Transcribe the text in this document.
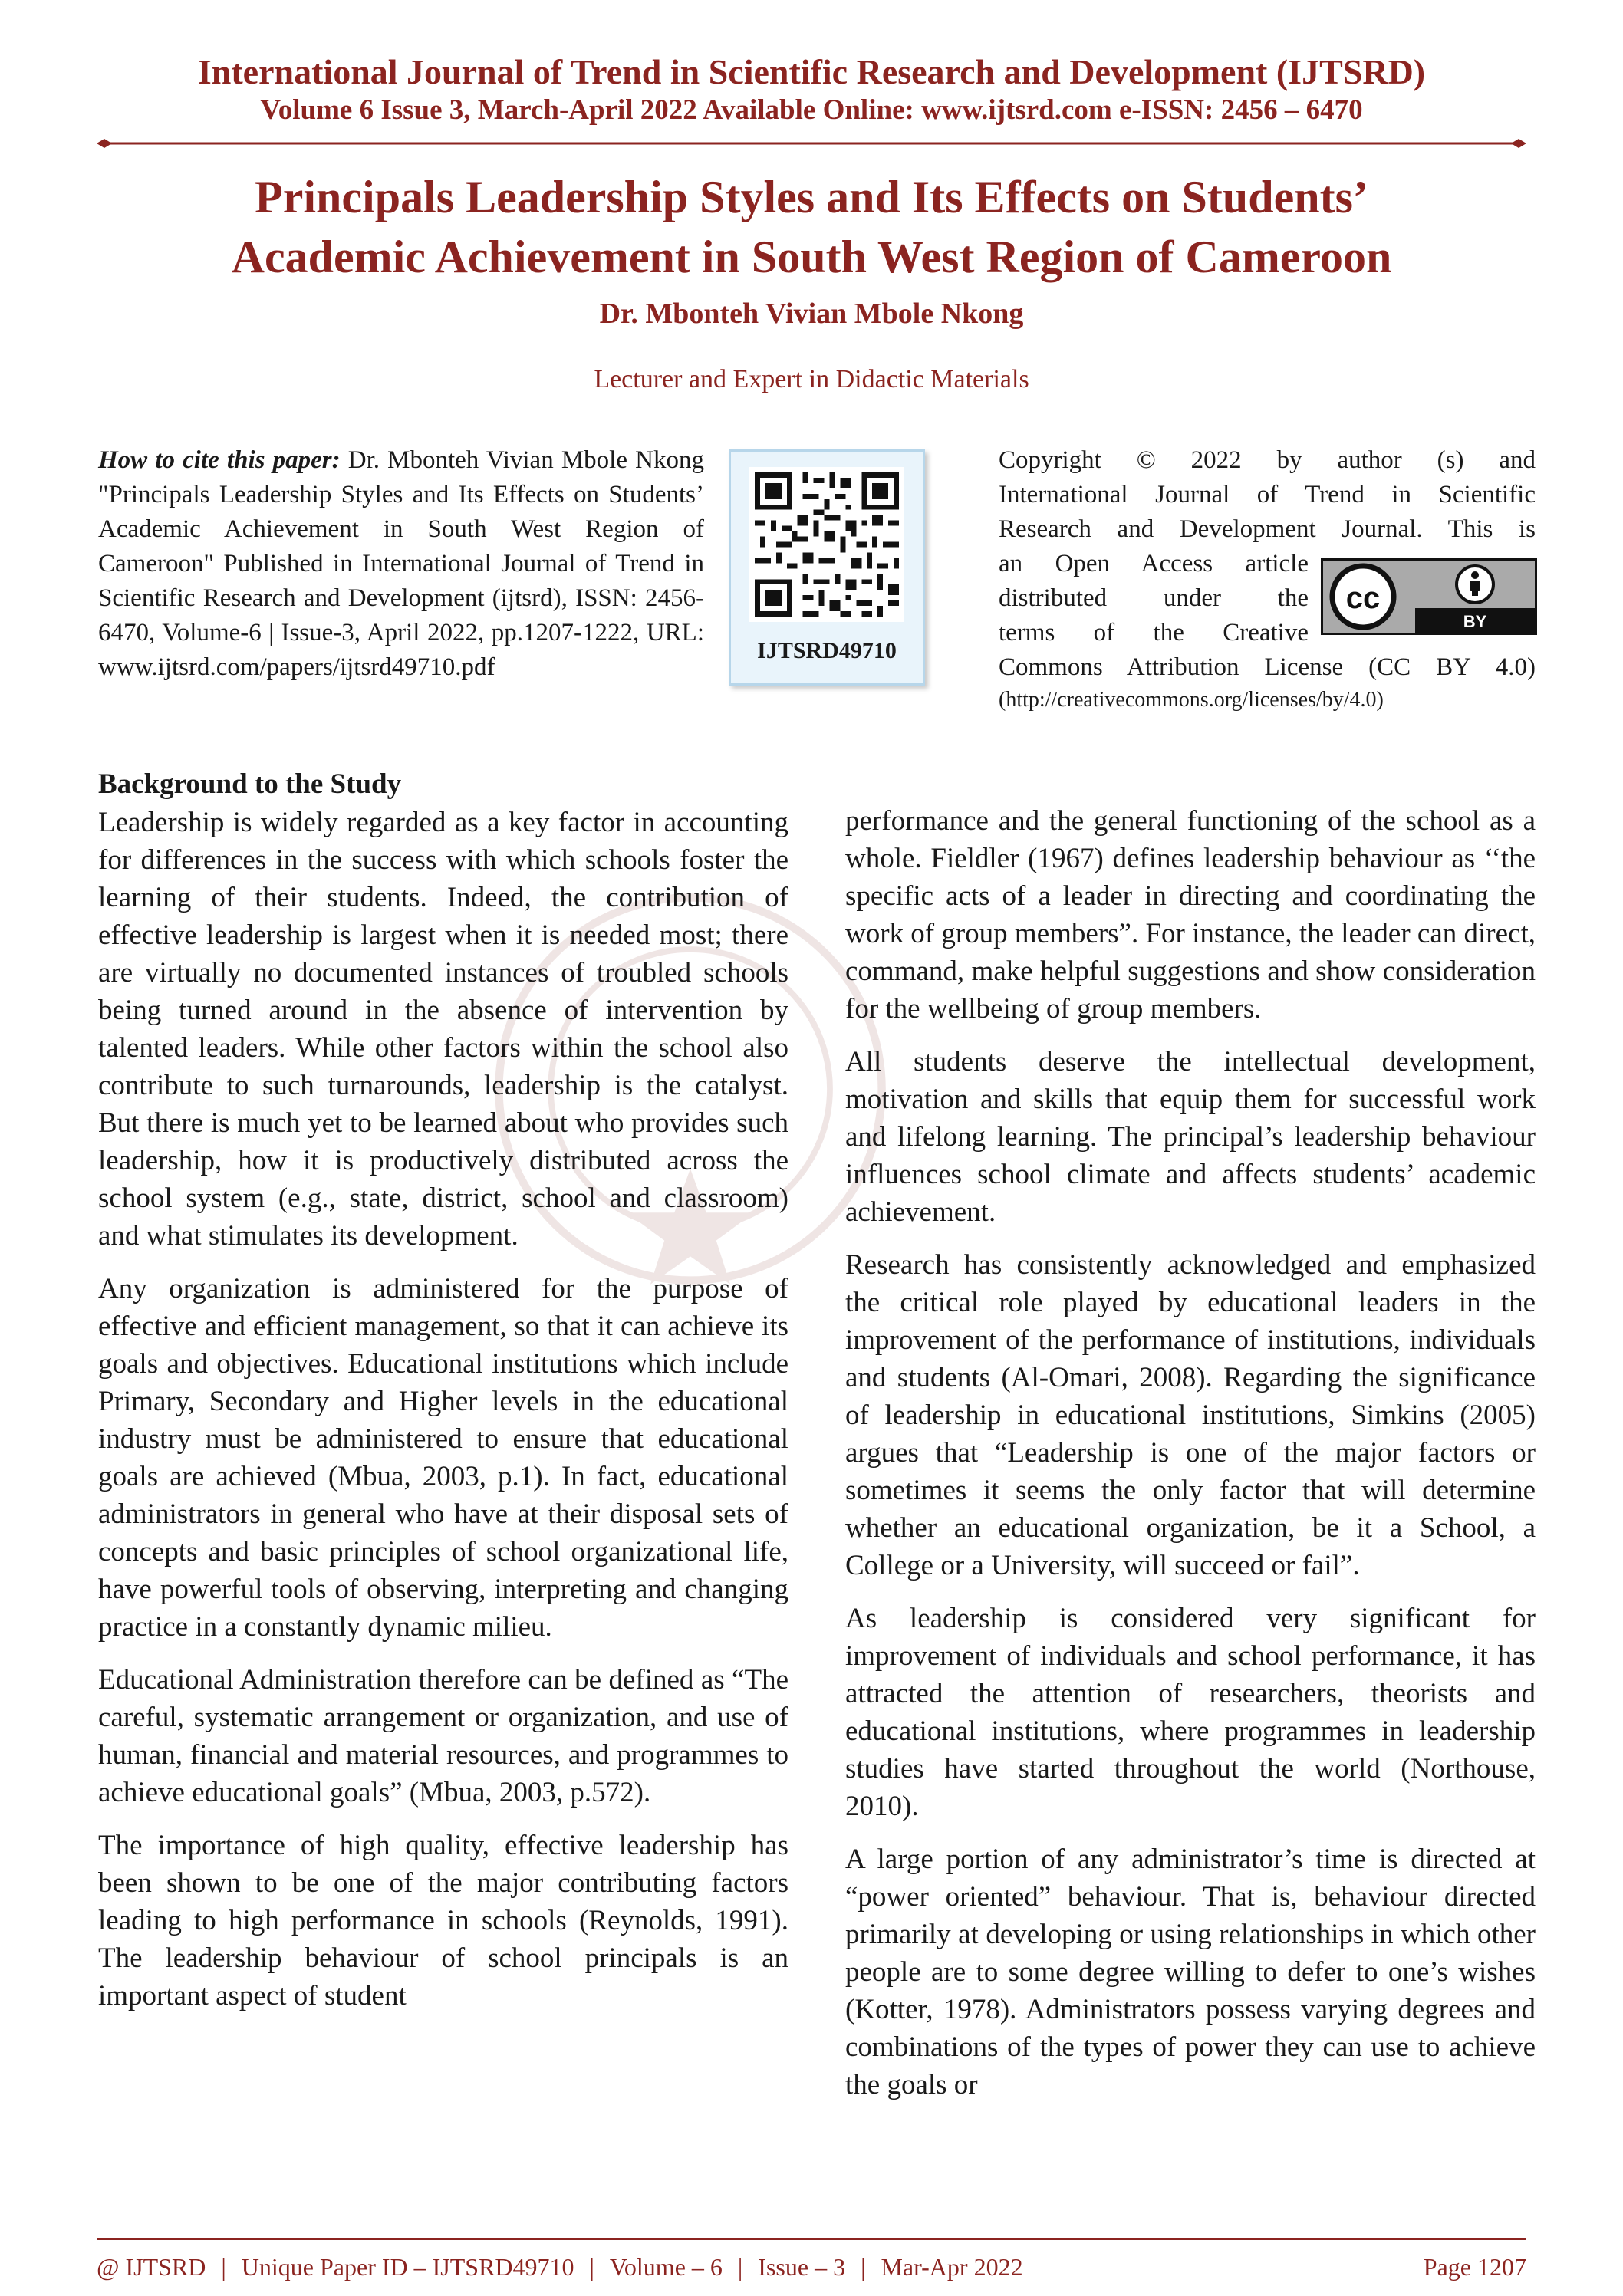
International Journal of Trend in Scientific Research and Development (IJTSRD)
Volume 6 Issue 3, March-April 2022 Available Online: www.ijtsrd.com e-ISSN: 2456 – 6470
Principals Leadership Styles and Its Effects on Students’
Academic Achievement in South West Region of Cameroon
Dr. Mbonteh Vivian Mbole Nkong
Lecturer and Expert in Didactic Materials
How to cite this paper: Dr. Mbonteh Vivian Mbole Nkong "Principals Leadership Styles and Its Effects on Students’ Academic Achievement in South West Region of Cameroon" Published in International Journal of Trend in Scientific Research and Development (ijtsrd), ISSN: 2456-6470, Volume-6 | Issue-3, April 2022, pp.1207-1222, URL: www.ijtsrd.com/papers/ijtsrd49710.pdf
IJTSRD49710
Copyright © 2022 by author (s) and
International Journal of Trend in Scientific
Research and Development Journal. This is
an Open Access article
distributed under the
terms of the Creative
Commons Attribution License (CC BY 4.0)
(http://creativecommons.org/licenses/by/4.0)
cc
BY
Background to the Study

Leadership is widely regarded as a key factor in accounting for differences in the success with which schools foster the learning of their students. Indeed, the contribution of effective leadership is largest when it is needed most; there are virtually no documented instances of troubled schools being turned around in the absence of intervention by talented leaders. While other factors within the school also contribute to such turnarounds, leadership is the catalyst. But there is much yet to be learned about who provides such leadership, how it is productively distributed across the school system (e.g., state, district, school and classroom) and what stimulates its development.

Any organization is administered for the purpose of effective and efficient management, so that it can achieve its goals and objectives. Educational institutions which include Primary, Secondary and Higher levels in the educational industry must be administered to ensure that educational goals are achieved (Mbua, 2003, p.1). In fact, educational administrators in general who have at their disposal sets of concepts and basic principles of school organizational life, have powerful tools of observing, interpreting and changing practice in a constantly dynamic milieu.

Educational Administration therefore can be defined as “The careful, systematic arrangement or organization, and use of human, financial and material resources, and programmes to achieve educational goals” (Mbua, 2003, p.572).

The importance of high quality, effective leadership has been shown to be one of the major contributing factors leading to high performance in schools (Reynolds, 1991). The leadership behaviour of school principals is an important aspect of student

performance and the general functioning of the school as a whole. Fieldler (1967) defines leadership behaviour as ‘‘the specific acts of a leader in directing and coordinating the work of group members”. For instance, the leader can direct, command, make helpful suggestions and show consideration for the wellbeing of group members.

All students deserve the intellectual development, motivation and skills that equip them for successful work and lifelong learning. The principal’s leadership behaviour influences school climate and affects students’ academic achievement.

Research has consistently acknowledged and emphasized the critical role played by educational leaders in the improvement of the performance of institutions, individuals and students (Al-Omari, 2008). Regarding the significance of leadership in educational institutions, Simkins (2005) argues that “Leadership is one of the major factors or sometimes it seems the only factor that will determine whether an educational organization, be it a School, a College or a University, will succeed or fail”.

As leadership is considered very significant for improvement of individuals and school performance, it has attracted the attention of researchers, theorists and educational institutions, where programmes in leadership studies have started throughout the world (Northouse, 2010).

A large portion of any administrator’s time is directed at “power oriented” behaviour. That is, behaviour directed primarily at developing or using relationships in which other people are to some degree willing to defer to one’s wishes (Kotter, 1978). Administrators possess varying degrees and combinations of the types of power they can use to achieve the goals or

@ IJTSRD | Unique Paper ID – IJTSRD49710 | Volume – 6 | Issue – 3 | Mar-Apr 2022	Page 1207
